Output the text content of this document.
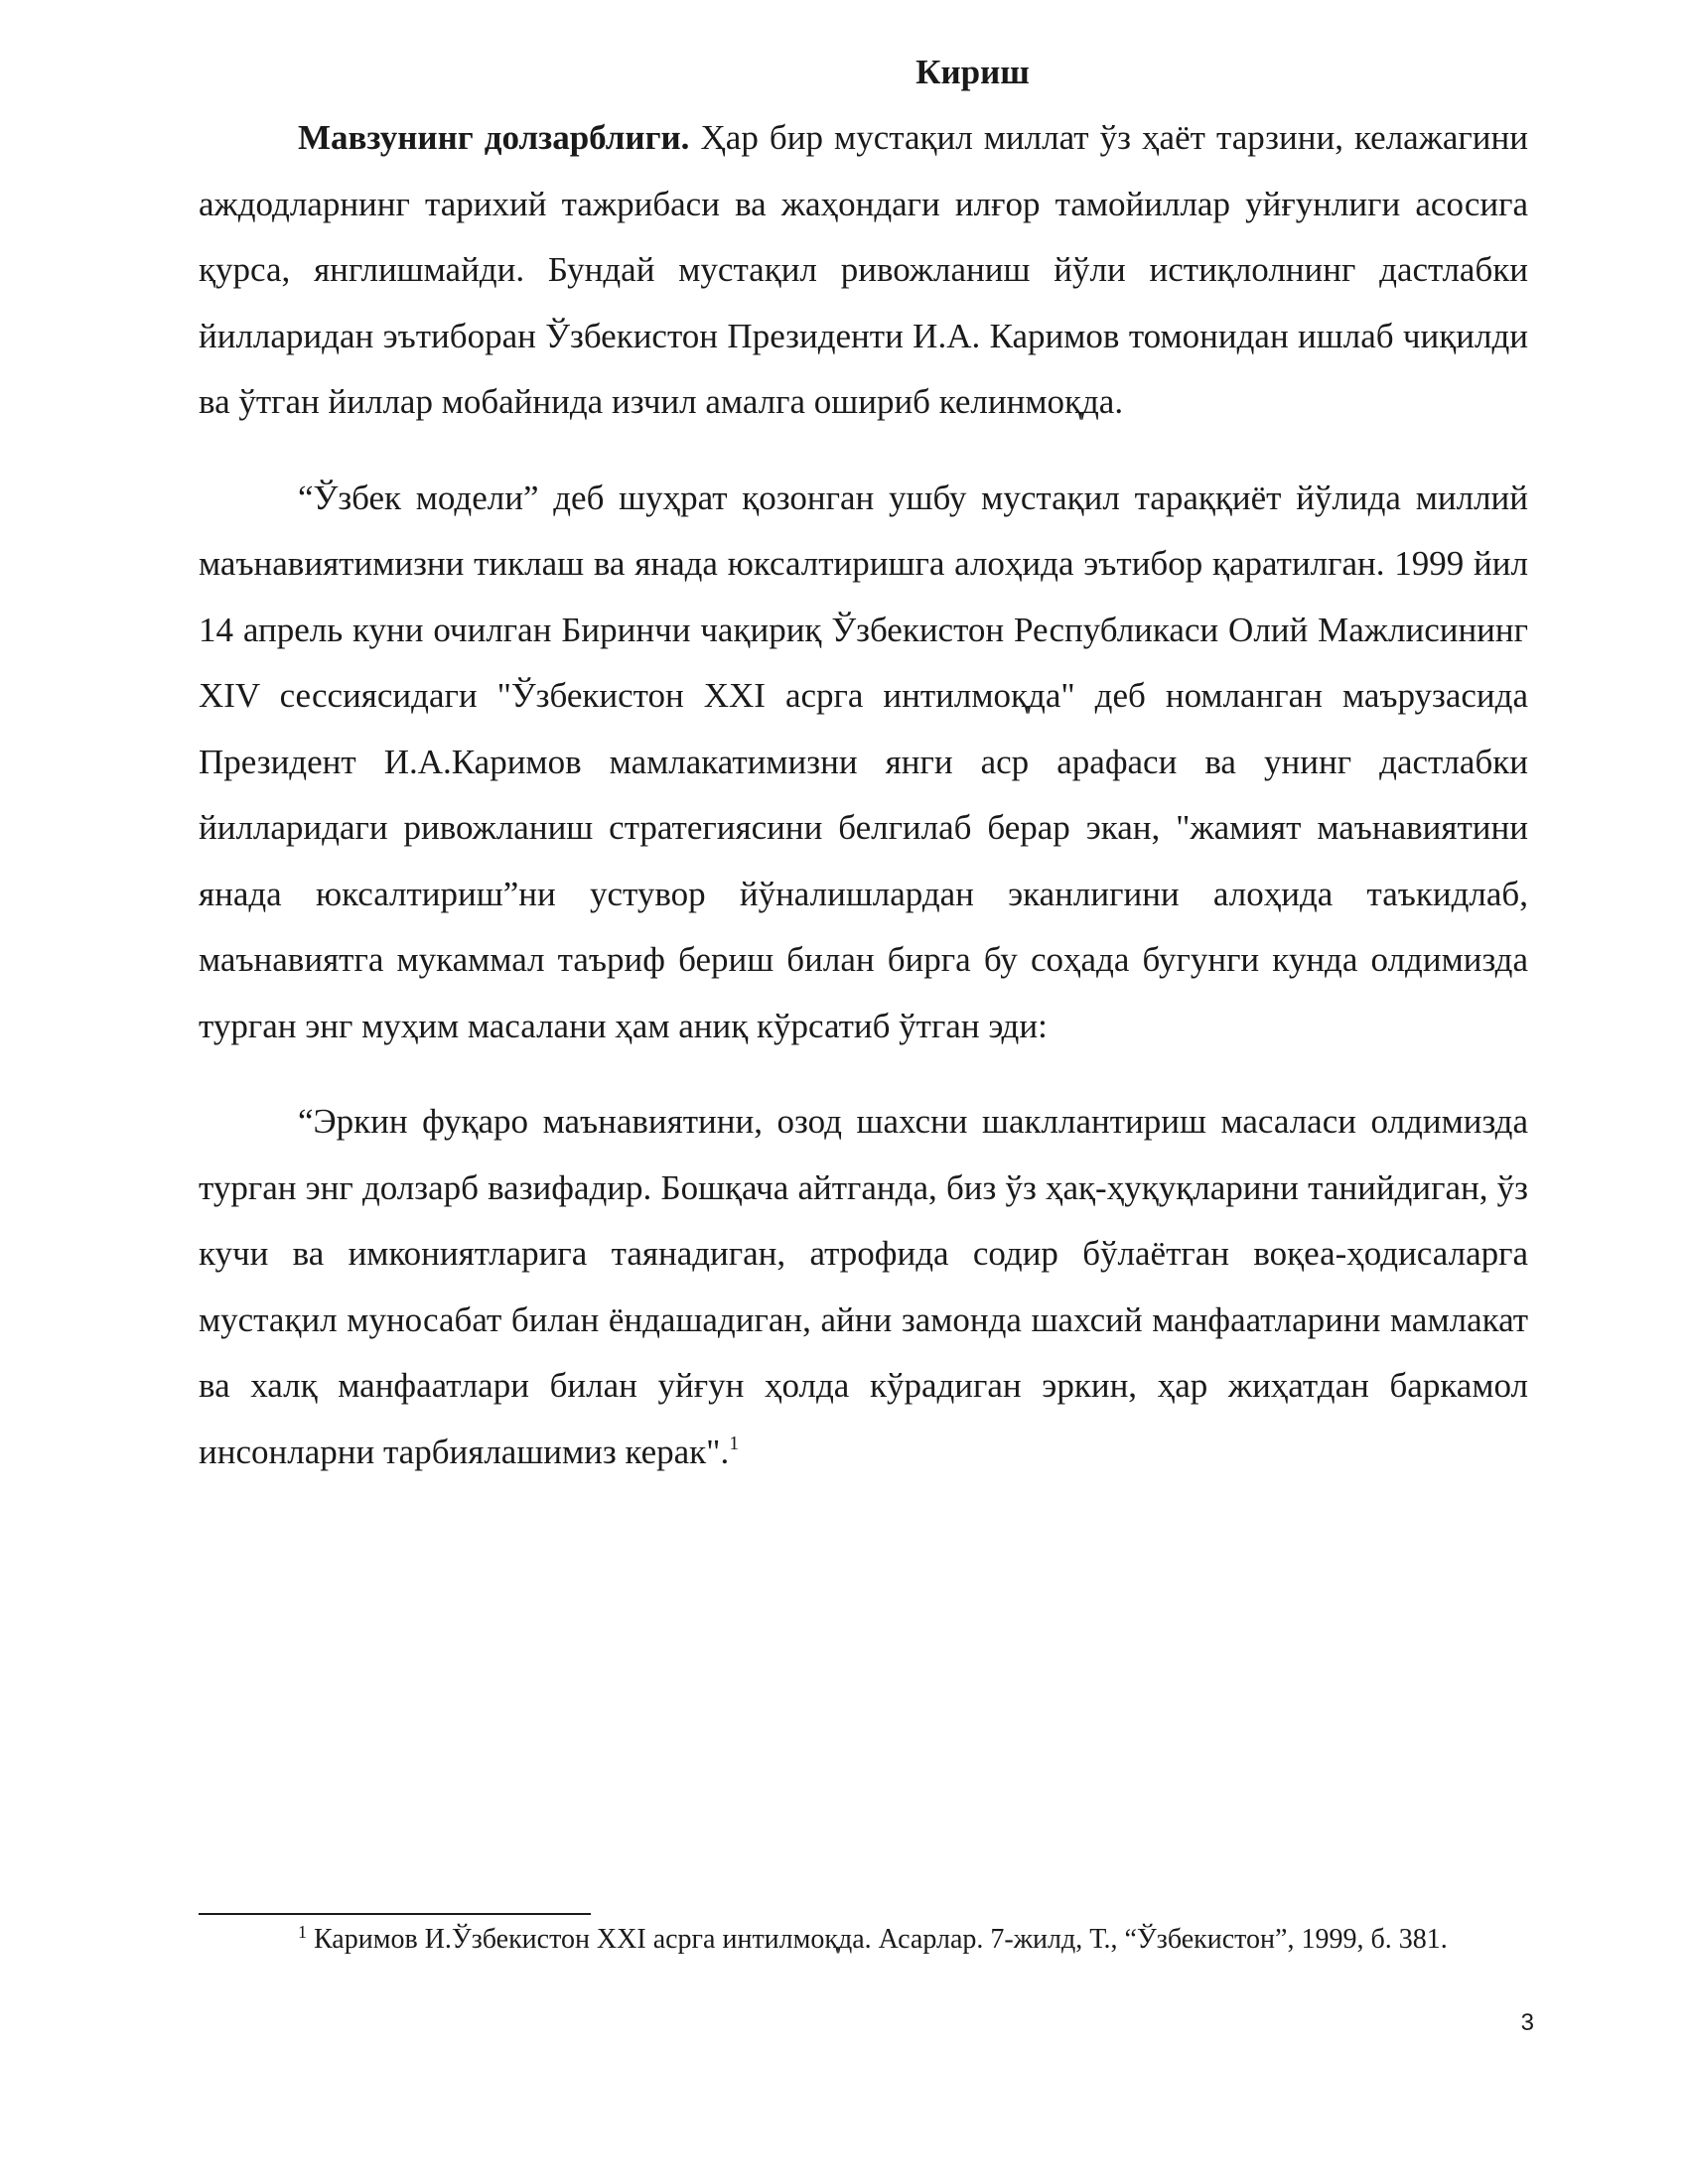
Кириш

Мавзунинг долзарблиги. Ҳар бир мустақил миллат ўз ҳаёт тарзини, келажагини аждодларнинг тарихий тажрибаси ва жаҳондаги илғор тамойиллар уйғунлиги асосига қурса, янглишмайди. Бундай мустақил ривожланиш йўли истиқлолнинг дастлабки йилларидан эътиборан Ўзбекистон Президенти И.А. Каримов томонидан ишлаб чиқилди ва ўтган йиллар мобайнида изчил амалга ошириб келинмоқда.

“Ўзбек модели” деб шуҳрат қозонган ушбу мустақил тараққиёт йўлида миллий маънавиятимизни тиклаш ва янада юксалтиришга алоҳида эътибор қаратилган. 1999 йил 14 апрель куни очилган Биринчи чақириқ Ўзбекистон Республикаси Олий Мажлисининг XIV сессиясидаги "Ўзбекистон XXI асрга интилмоқда" деб номланган маърузасида Президент И.А.Каримов мамлакатимизни янги аср арафаси ва унинг дастлабки йилларидаги ривожланиш стратегиясини белгилаб берар экан, "жамият маънавиятини янада юксалтириш”ни устувор йўналишлардан эканлигини алоҳида таъкидлаб, маънавиятга мукаммал таъриф бериш билан бирга бу соҳада бугунги кунда олдимизда турган энг муҳим масалани ҳам аниқ кўрсатиб ўтган эди:

“Эркин фуқаро маънавиятини, озод шахсни шакллантириш масаласи олдимизда турган энг долзарб вазифадир. Бошқача айтганда, биз ўз ҳақ-ҳуқуқларини танийдиган, ўз кучи ва имкониятларига таянадиган, атрофида содир бўлаётган воқеа-ҳодисаларга мустақил муносабат билан ёндашадиган, айни замонда шахсий манфаатларини мамлакат ва халқ манфаатлари билан уйғун ҳолда кўрадиган эркин, ҳар жиҳатдан баркамол инсонларни тарбиялашимиз керак".$^1$

$^1$ Каримов И.Ўзбекистон XXI асрга интилмоқда. Асарлар. 7-жилд, Т., “Ўзбекистон”, 1999, б. 381.

3
